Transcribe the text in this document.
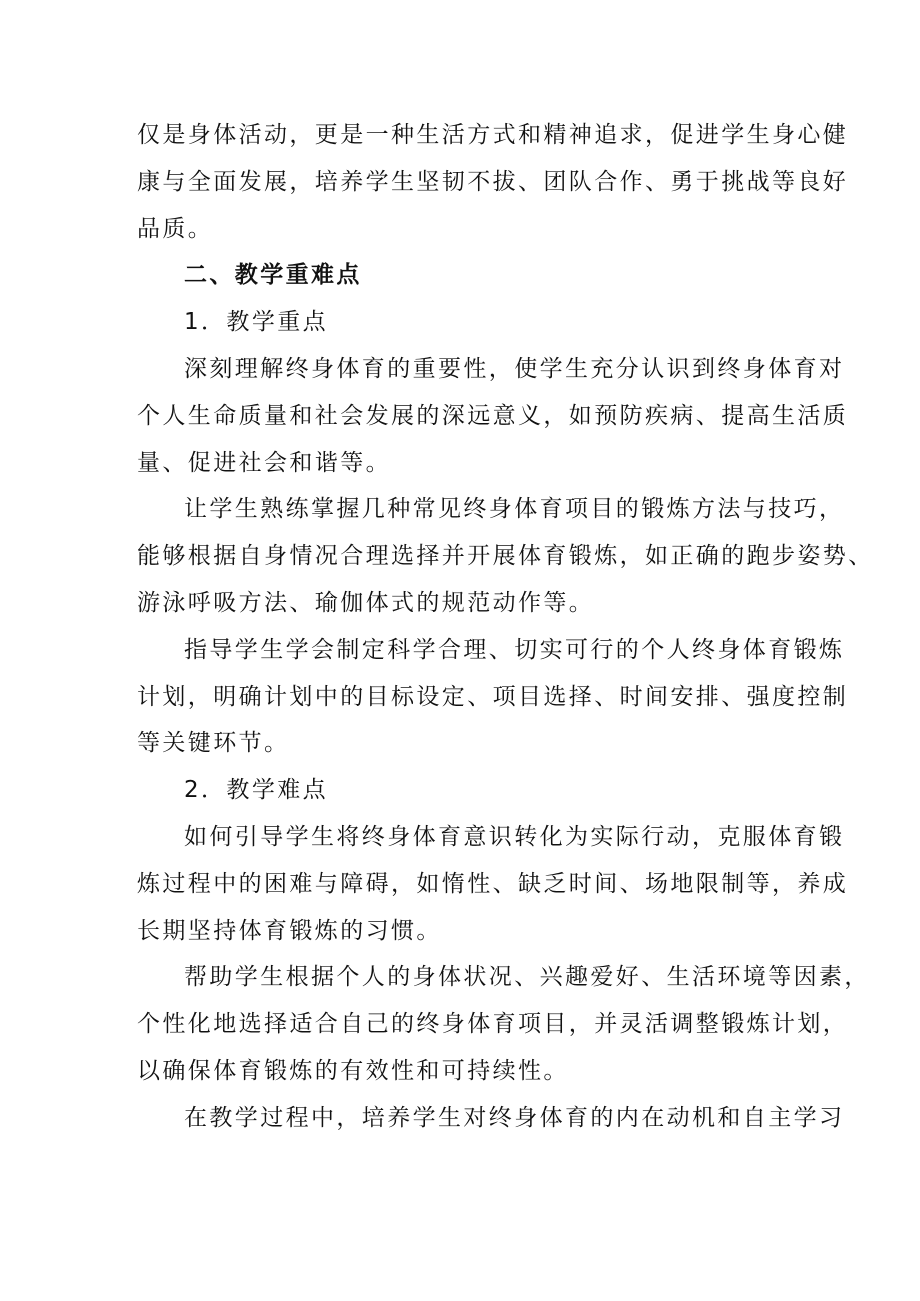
仅是身体活动，更是一种生活方式和精神追求，促进学生身心健
康与全面发展，培养学生坚韧不拔、团队合作、勇于挑战等良好
品质。
二、教学重难点
1．教学重点
深刻理解终身体育的重要性，使学生充分认识到终身体育对
个人生命质量和社会发展的深远意义，如预防疾病、提高生活质
量、促进社会和谐等。
让学生熟练掌握几种常见终身体育项目的锻炼方法与技巧，
能够根据自身情况合理选择并开展体育锻炼，如正确的跑步姿势、
游泳呼吸方法、瑜伽体式的规范动作等。
指导学生学会制定科学合理、切实可行的个人终身体育锻炼
计划，明确计划中的目标设定、项目选择、时间安排、强度控制
等关键环节。
2．教学难点
如何引导学生将终身体育意识转化为实际行动，克服体育锻
炼过程中的困难与障碍，如惰性、缺乏时间、场地限制等，养成
长期坚持体育锻炼的习惯。
帮助学生根据个人的身体状况、兴趣爱好、生活环境等因素，
个性化地选择适合自己的终身体育项目，并灵活调整锻炼计划，
以确保体育锻炼的有效性和可持续性。
在教学过程中，培养学生对终身体育的内在动机和自主学习
